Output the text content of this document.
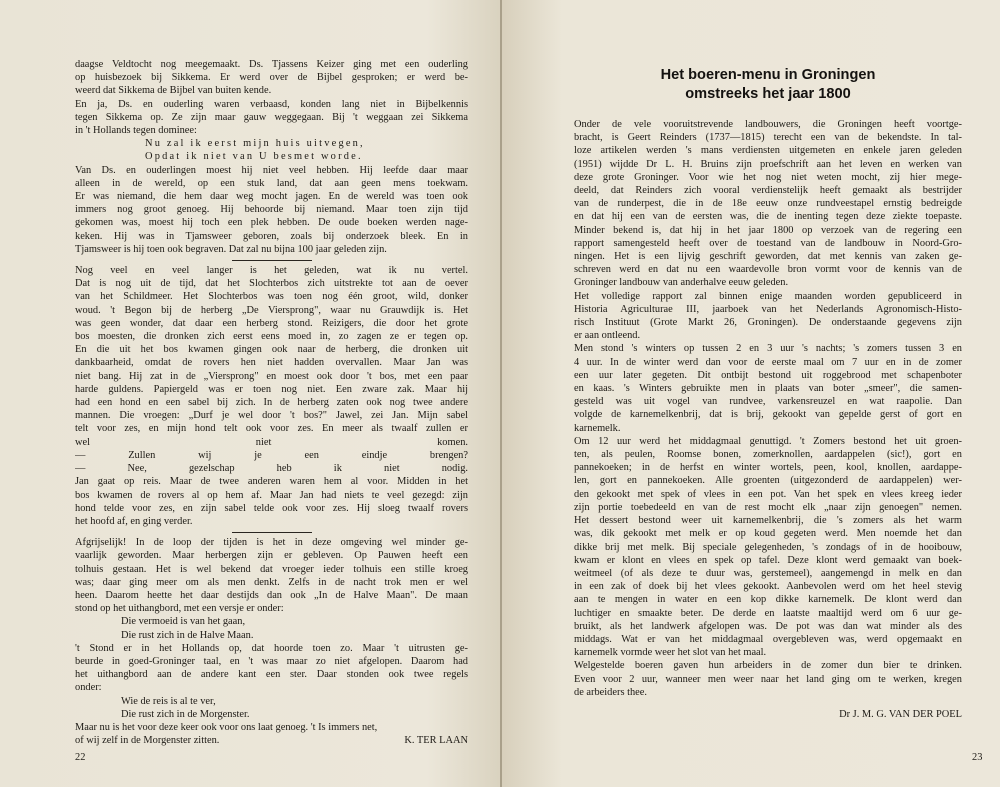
daagse Veldtocht nog meegemaakt. Ds. Tjassens Keizer ging met een ouderling
op huisbezoek bij Sikkema. Er werd over de Bijbel gesproken; er werd be-
weerd dat Sikkema de Bijbel van buiten kende.
En ja, Ds. en ouderling waren verbaasd, konden lang niet in Bijbelkennis
tegen Sikkema op. Ze zijn maar gauw weggegaan. Bij 't weggaan zei Sikkema
in 't Hollands tegen dominee:
Nu zal ik eerst mijn huis uitvegen,
Opdat ik niet van U besmet worde.
Van Ds. en ouderlingen moest hij niet veel hebben. Hij leefde daar maar
alleen in de wereld, op een stuk land, dat aan geen mens toekwam.
Er was niemand, die hem daar weg mocht jagen. En de wereld was toen ook
immers nog groot genoeg. Hij behoorde bij niemand. Maar toen zijn tijd
gekomen was, moest hij toch een plek hebben. De oude boeken werden nage-
keken. Hij was in Tjamsweer geboren, zoals bij onderzoek bleek. En in
Tjamsweer is hij toen ook begraven. Dat zal nu bijna 100 jaar geleden zijn.
Nog veel en veel langer is het geleden, wat ik nu vertel.
Dat is nog uit de tijd, dat het Slochterbos zich uitstrekte tot aan de oever
van het Schildmeer. Het Slochterbos was toen nog één groot, wild, donker
woud. 't Begon bij de herberg „De Viersprong", waar nu Grauwdijk is. Het
was geen wonder, dat daar een herberg stond. Reizigers, die door het grote
bos moesten, die dronken zich eerst eens moed in, zo zagen ze er tegen op.
En die uit het bos kwamen gingen ook naar de herberg, die dronken uit
dankbaarheid, omdat de rovers hen niet hadden overvallen. Maar Jan was
niet bang. Hij zat in de „Viersprong" en moest ook door 't bos, met een paar
harde guldens. Papiergeld was er toen nog niet. Een zware zak. Maar hij
had een hond en een sabel bij zich. In de herberg zaten ook nog twee andere
mannen. Die vroegen: „Durf je wel door 't bos?" Jawel, zei Jan. Mijn sabel
telt voor zes, en mijn hond telt ook voor zes. En meer als twaalf zullen er
wel niet komen.
— Zullen wij je een eindje brengen?
— Nee, gezelschap heb ik niet nodig.
Jan gaat op reis. Maar de twee anderen waren hem al voor. Midden in het
bos kwamen de rovers al op hem af. Maar Jan had niets te veel gezegd: zijn
hond telde voor zes, en zijn sabel telde ook voor zes. Hij sloeg twaalf rovers
het hoofd af, en ging verder.
Afgrijselijk! In de loop der tijden is het in deze omgeving wel minder ge-
vaarlijk geworden. Maar herbergen zijn er gebleven. Op Pauwen heeft een
tolhuis gestaan. Het is wel bekend dat vroeger ieder tolhuis een stille kroeg
was; daar ging meer om als men denkt. Zelfs in de nacht trok men er wel
heen. Daarom heette het daar destijds dan ook „In de Halve Maan". De maan
stond op het uithangbord, met een versje er onder:
Die vermoeid is van het gaan,
Die rust zich in de Halve Maan.
't Stond er in het Hollands op, dat hoorde toen zo. Maar 't uitrusten ge-
beurde in goed-Groninger taal, en 't was maar zo niet afgelopen. Daarom had
het uithangbord aan de andere kant een ster. Daar stonden ook twee regels
onder:
Wie de reis is al te ver,
Die rust zich in de Morgenster.
Maar nu is het voor deze keer ook voor ons laat genoeg. 't Is immers net,
of wij zelf in de Morgenster zitten.	K. TER LAAN
22
Het boeren-menu in Groningen
omstreeks het jaar 1800
Onder de vele vooruitstrevende landbouwers, die Groningen heeft voortge-
bracht, is Geert Reinders (1737—1815) terecht een van de bekendste. In tal-
loze artikelen werden 's mans verdiensten uitgemeten en enkele jaren geleden
(1951) wijdde Dr L. H. Bruins zijn proefschrift aan het leven en werken van
deze grote Groninger. Voor wie het nog niet weten mocht, zij hier mege-
deeld, dat Reinders zich vooral verdienstelijk heeft gemaakt als bestrijder
van de runderpest, die in de 18e eeuw onze rundveestapel ernstig bedreigde
en dat hij een van de eersten was, die de inenting tegen deze ziekte toepaste.
Minder bekend is, dat hij in het jaar 1800 op verzoek van de regering een
rapport samengesteld heeft over de toestand van de landbouw in Noord-Gro-
ningen. Het is een lijvig geschrift geworden, dat met kennis van zaken ge-
schreven werd en dat nu een waardevolle bron vormt voor de kennis van de
Groninger landbouw van anderhalve eeuw geleden.
Het volledige rapport zal binnen enige maanden worden gepubliceerd in
Historia Agriculturae III, jaarboek van het Nederlands Agronomisch-Histo-
risch Instituut (Grote Markt 26, Groningen). De onderstaande gegevens zijn
er aan ontleend.
Men stond 's winters op tussen 2 en 3 uur 's nachts; 's zomers tussen 3 en
4 uur. In de winter werd dan voor de eerste maal om 7 uur en in de zomer
een uur later gegeten. Dit ontbijt bestond uit roggebrood met schapenboter
en kaas. 's Winters gebruikte men in plaats van boter „smeer", die samen-
gesteld was uit vogel van rundvee, varkensreuzel en wat raapolie. Dan
volgde de karnemelkenbrij, dat is brij, gekookt van gepelde gerst of gort en
karnemelk.
Om 12 uur werd het middagmaal genuttigd. 't Zomers bestond het uit groen-
ten, als peulen, Roomse bonen, zomerknollen, aardappelen (sic!), gort en
pannekoeken; in de herfst en winter wortels, peen, kool, knollen, aardappe-
len, gort en pannekoeken. Alle groenten (uitgezonderd de aardappelen) wer-
den gekookt met spek of vlees in een pot. Van het spek en vlees kreeg ieder
zijn portie toebedeeld en van de rest mocht elk „naar zijn genoegen" nemen.
Het dessert bestond weer uit karnemelkenbrij, die 's zomers als het warm
was, dik gekookt met melk er op koud gegeten werd. Men noemde het dan
dikke brij met melk. Bij speciale gelegenheden, 's zondags of in de hooibouw,
kwam er klont en vlees en spek op tafel. Deze klont werd gemaakt van boek-
weitmeel (of als deze te duur was, gerstemeel), aangemengd in melk en dan
in een zak of doek bij het vlees gekookt. Aanbevolen werd om het heel stevig
aan te mengen in water en een kop dikke karnemelk. De klont werd dan
luchtiger en smaakte beter. De derde en laatste maaltijd werd om 6 uur ge-
bruikt, als het landwerk afgelopen was. De pot was dan wat minder als des
middags. Wat er van het middagmaal overgebleven was, werd opgemaakt en
karnemelk vormde weer het slot van het maal.
Welgestelde boeren gaven hun arbeiders in de zomer dun bier te drinken.
Even voor 2 uur, wanneer men weer naar het land ging om te werken, kregen
de arbeiders thee.
Dr J. M. G. VAN DER POEL
23
